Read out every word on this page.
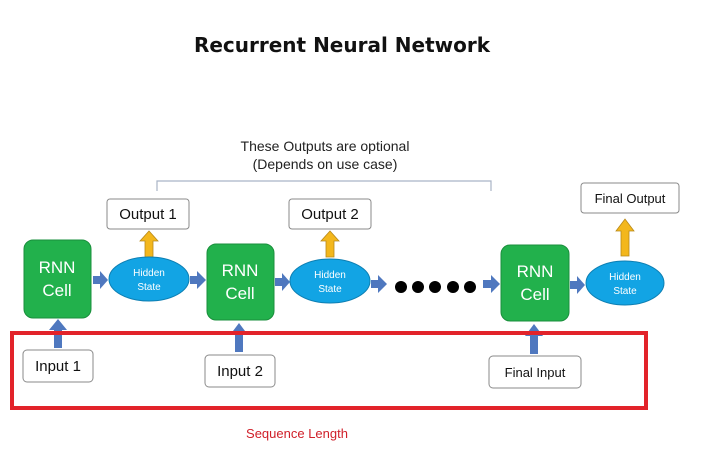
Recurrent Neural Network
These Outputs are optional
(Depends on use case)
Output 1	Output 2
Final Output
RNN
Cell
RNN
Cell
RNN
Cell
Hidden
State
Hidden
State
Hidden
State
Input 1	Input 2	Final Input
Sequence Length
